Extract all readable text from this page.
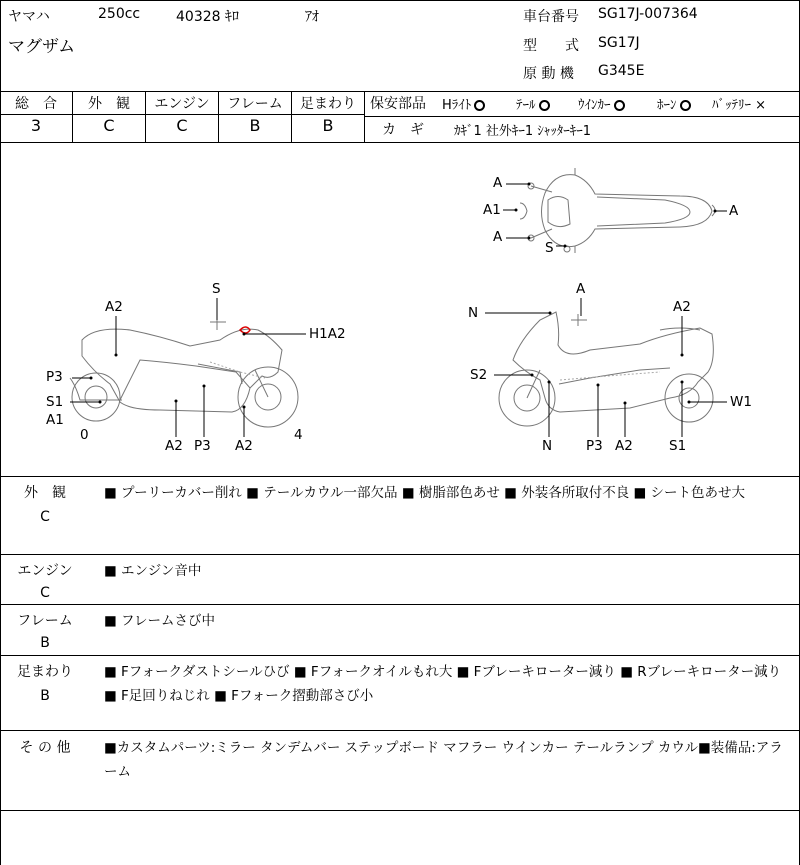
ヤマハ	250cc	40328 ｷﾛ	ｱｵ
マグザム
車台番号 SG17J-007364
型　　式 SG17J
原 動 機 G345E
総　合	外　観	エンジン	フレーム	足まわり
3	C	C	B	B
保安部品 Hﾗｲﾄ	ﾃｰﾙ	ｳｲﾝｶｰ	ﾎｰﾝ	ﾊﾞｯﾃﾘｰ ×
カ　ギ ｶｷﾞ1 社外ｷｰ1 ｼｬｯﾀｰｷｰ1
A
A1
A
S
A
S
A2
H1A2
P3
S1
A1
0
A2 P3 A2
4
N
A
A2
S2
W1
N	P3 A2	S1
外　観
C
■ プーリーカバー削れ ■ テールカウル一部欠品 ■ 樹脂部色あせ ■ 外装各所取付不良 ■ シート色あせ大
エンジン
C
■ エンジン音中
フレーム
B
■ フレームさび中
足まわり
B
■ Fフォークダストシールひび ■ Fフォークオイルもれ大 ■ Fブレーキローター減り ■ Rブレーキローター減り ■ F足回りねじれ ■ Fフォーク摺動部さび小
そ の 他	■カスタムパーツ:ミラー タンデムバー ステップボード マフラー ウインカー テールランプ カウル■装備品:アラーム
